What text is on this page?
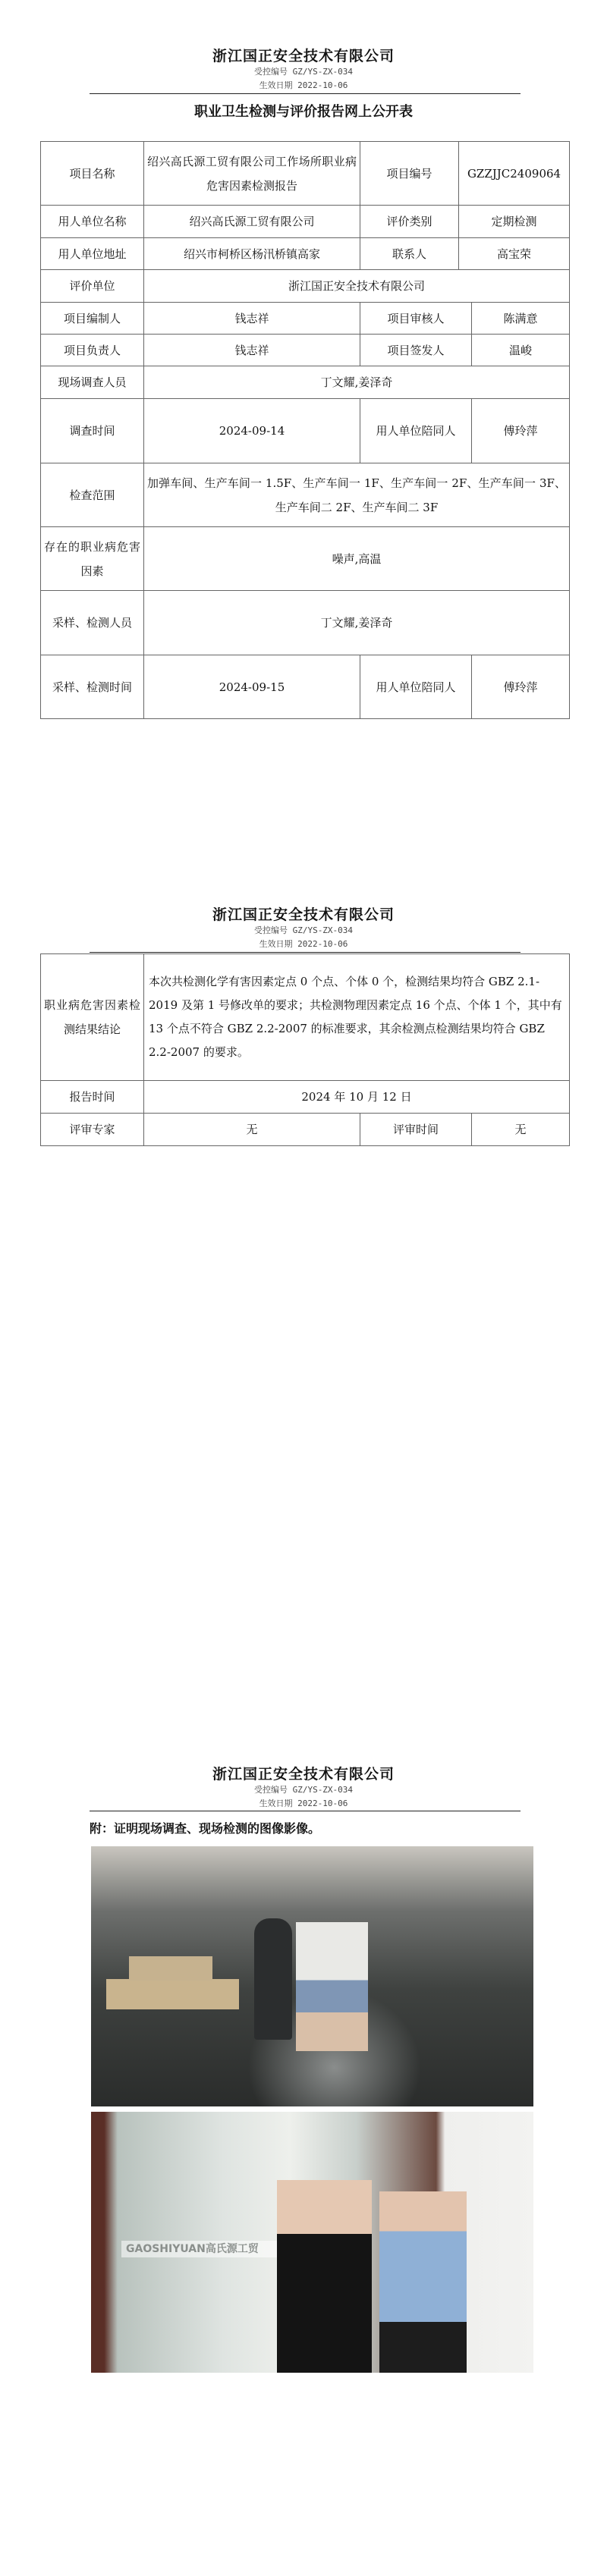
浙江国正安全技术有限公司
受控编号 GZ/YS-ZX-034
生效日期 2022-10-06
职业卫生检测与评价报告网上公开表
项目名称	绍兴高氏源工贸有限公司工作场所职业病危害因素检测报告	项目编号	GZZJJC2409064	
用人单位名称	绍兴高氏源工贸有限公司	评价类别	定期检测	
用人单位地址	绍兴市柯桥区杨汛桥镇高家	联系人	高宝荣	
评价单位	浙江国正安全技术有限公司			
项目编制人	钱志祥	项目审核人		陈满意
项目负责人	钱志祥	项目签发人		温峻
现场调查人员	丁文耀,姜泽奇			
调查时间	2024-09-14	用人单位陪同人		傅玲萍
检查范围	加弹车间、生产车间一 1.5F、生产车间一 1F、生产车间一 2F、生产车间一 3F、生产车间二 2F、生产车间二 3F			
存在的职业病危害因素	噪声,高温			
采样、检测人员	丁文耀,姜泽奇			
采样、检测时间	2024-09-15	用人单位陪同人		傅玲萍
浙江国正安全技术有限公司
受控编号 GZ/YS-ZX-034
生效日期 2022-10-06
职业病危害因素检测结果结论	本次共检测化学有害因素定点 0 个点、个体 0 个，检测结果均符合 GBZ 2.1-2019 及第 1 号修改单的要求；共检测物理因素定点 16 个点、个体 1 个，其中有 13 个点不符合 GBZ 2.2-2007 的标准要求，其余检测点检测结果均符合 GBZ 2.2-2007 的要求。		
报告时间	2024 年 10 月 12 日		
评审专家	无	评审时间	无
浙江国正安全技术有限公司
受控编号 GZ/YS-ZX-034
生效日期 2022-10-06
附：证明现场调查、现场检测的图像影像。
GAOSHIYUAN高氏源工贸
